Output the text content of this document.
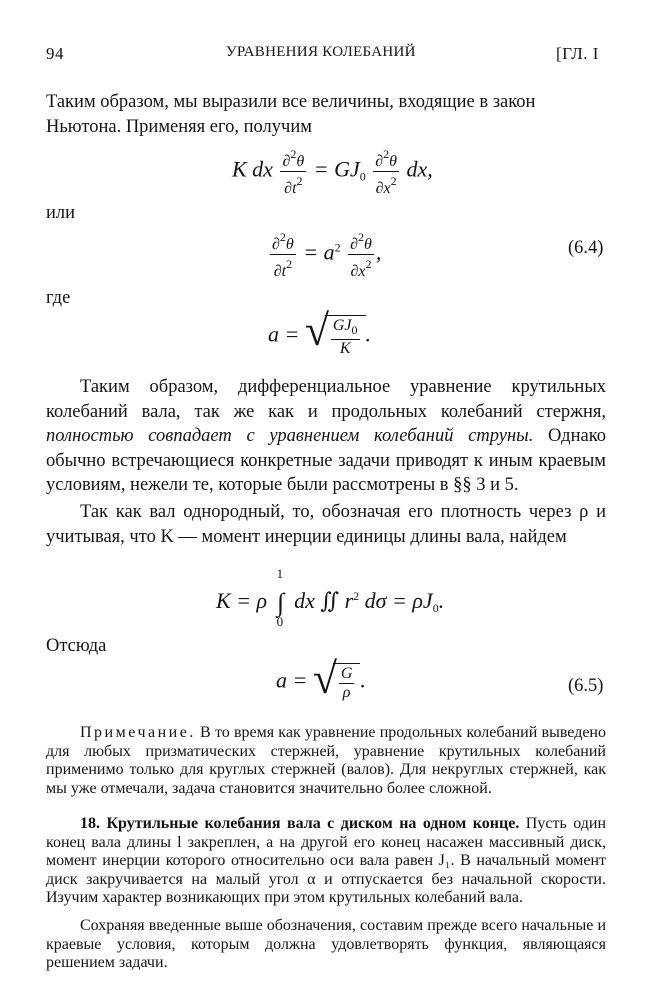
94	УРАВНЕНИЯ КОЛЕБАНИЙ	[ГЛ. I

Таким образом, мы выразили все величины, входящие в закон Ньютона. Применяя его, получим

K dx $\frac{\partial^2\theta}{\partial t^2} = GJ_0 \frac{\partial^2\theta}{\partial x^2}$ dx,
или
$\frac{\partial^2\theta}{\partial t^2} = a^2 \frac{\partial^2\theta}{\partial x^2}$ ,	(6.4)
где
a = √ $\frac{GJ_0}{K}$ .

Таким образом, дифференциальное уравнение крутильных колебаний вала, так же как и продольных колебаний стержня, полностью совпадает с уравнением колебаний струны. Однако обычно встречающиеся конкретные задачи приводят к иным краевым условиям, нежели те, которые были рассмотрены в §§ 3 и 5.

Так как вал однородный, то, обозначая его плотность через ρ и учитывая, что K — момент инерции единицы длины вала, найдем

K = ρ
1
∫
0
dx ∬ $r^2$ $d\sigma = \rho J_0$.
Отсюда
a = √ $\frac{G}{\rho}$ .	(6.5)

Примечание. В то время как уравнение продольных колебаний выведено для любых призматических стержней, уравнение крутильных колебаний применимо только для круглых стержней (валов). Для некруглых стержней, как мы уже отмечали, задача становится значительно более сложной.

18. Крутильные колебания вала с диском на одном конце. Пусть один конец вала длины l закреплен, а на другой его конец насажен массивный диск, момент инерции которого относительно оси вала равен J₁. В начальный момент диск закручивается на малый угол α и отпускается без начальной скорости. Изучим характер возникающих при этом крутильных колебаний вала.

Сохраняя введенные выше обозначения, составим прежде всего начальные и краевые условия, которым должна удовлетворять функция, являющаяся решением задачи.
